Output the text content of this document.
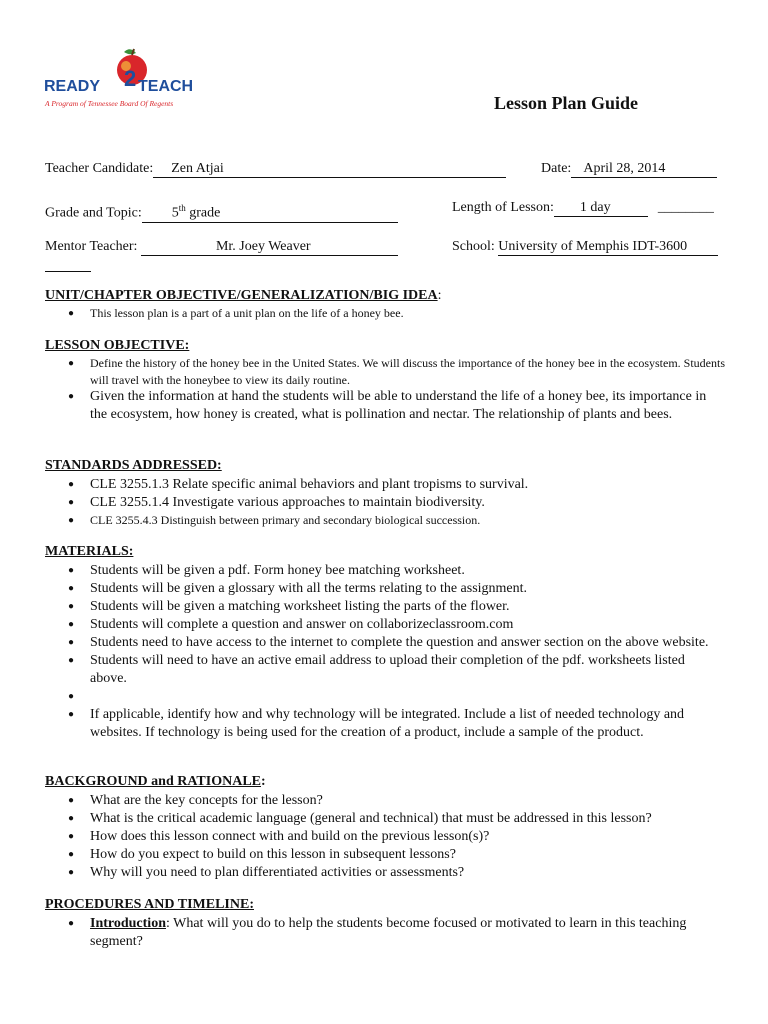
READY 2 TEACH
A Program of Tennessee Board Of Regents	Lesson Plan Guide
Teacher Candidate: Zen Atjai	Date: April 28, 2014
Grade and Topic: 5th grade	Length of Lesson: 1 day	________
Mentor Teacher:	Mr. Joey Weaver	School: University of Memphis IDT-3600
UNIT/CHAPTER OBJECTIVE/GENERALIZATION/BIG IDEA:
● This lesson plan is a part of a unit plan on the life of a honey bee.
LESSON OBJECTIVE:
● Define the history of the honey bee in the United States. We will discuss the importance of the honey bee in the ecosystem. Students will travel with the honeybee to view its daily routine.
● Given the information at hand the students will be able to understand the life of a honey bee, its importance in the ecosystem, how honey is created, what is pollination and nectar. The relationship of plants and bees.
STANDARDS ADDRESSED:
● CLE 3255.1.3 Relate specific animal behaviors and plant tropisms to survival.
● CLE 3255.1.4 Investigate various approaches to maintain biodiversity.
● CLE 3255.4.3 Distinguish between primary and secondary biological succession.
MATERIALS:
● Students will be given a pdf. Form honey bee matching worksheet.
● Students will be given a glossary with all the terms relating to the assignment.
● Students will be given a matching worksheet listing the parts of the flower.
● Students will complete a question and answer on collaborizeclassroom.com
● Students need to have access to the internet to complete the question and answer section on the above website.
● Students will need to have an active email address to upload their completion of the pdf. worksheets listed above.
●
● If applicable, identify how and why technology will be integrated. Include a list of needed technology and websites. If technology is being used for the creation of a product, include a sample of the product.
BACKGROUND and RATIONALE:
● What are the key concepts for the lesson?
● What is the critical academic language (general and technical) that must be addressed in this lesson?
● How does this lesson connect with and build on the previous lesson(s)?
● How do you expect to build on this lesson in subsequent lessons?
● Why will you need to plan differentiated activities or assessments?
PROCEDURES AND TIMELINE:
● Introduction: What will you do to help the students become focused or motivated to learn in this teaching segment?
